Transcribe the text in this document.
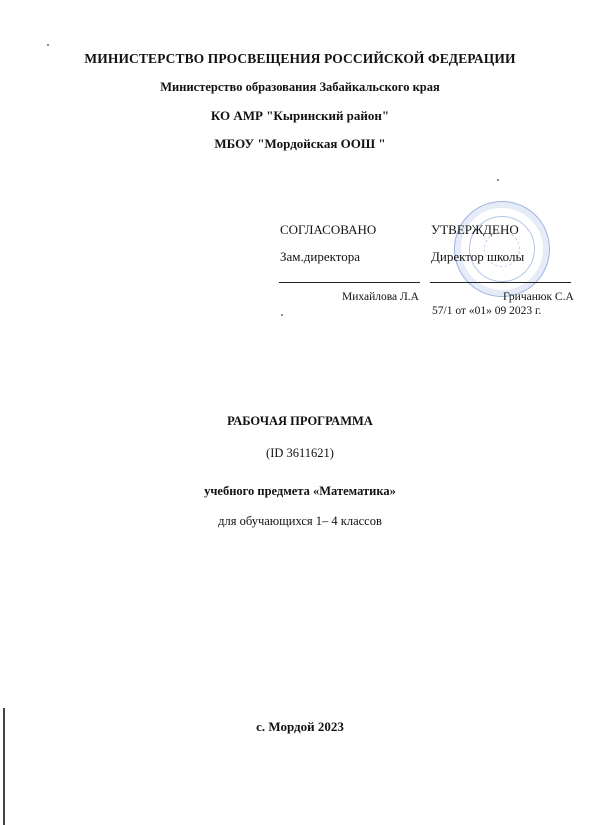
МИНИСТЕРСТВО ПРОСВЕЩЕНИЯ РОССИЙСКОЙ ФЕДЕРАЦИИ
Министерство образования Забайкальского края
КО АМР "Кыринский район"
МБОУ "Мордойская ООШ "
СОГЛАСОВАНО	УТВЕРЖДЕНО
Зам.директора	Директор школы
Михайлова Л.А	Гричанюк С.А
57/1 от «01» 09 2023 г.
РАБОЧАЯ ПРОГРАММА
(ID 3611621)
учебного предмета «Математика»
для обучающихся 1– 4 классов
с. Мордой 2023
